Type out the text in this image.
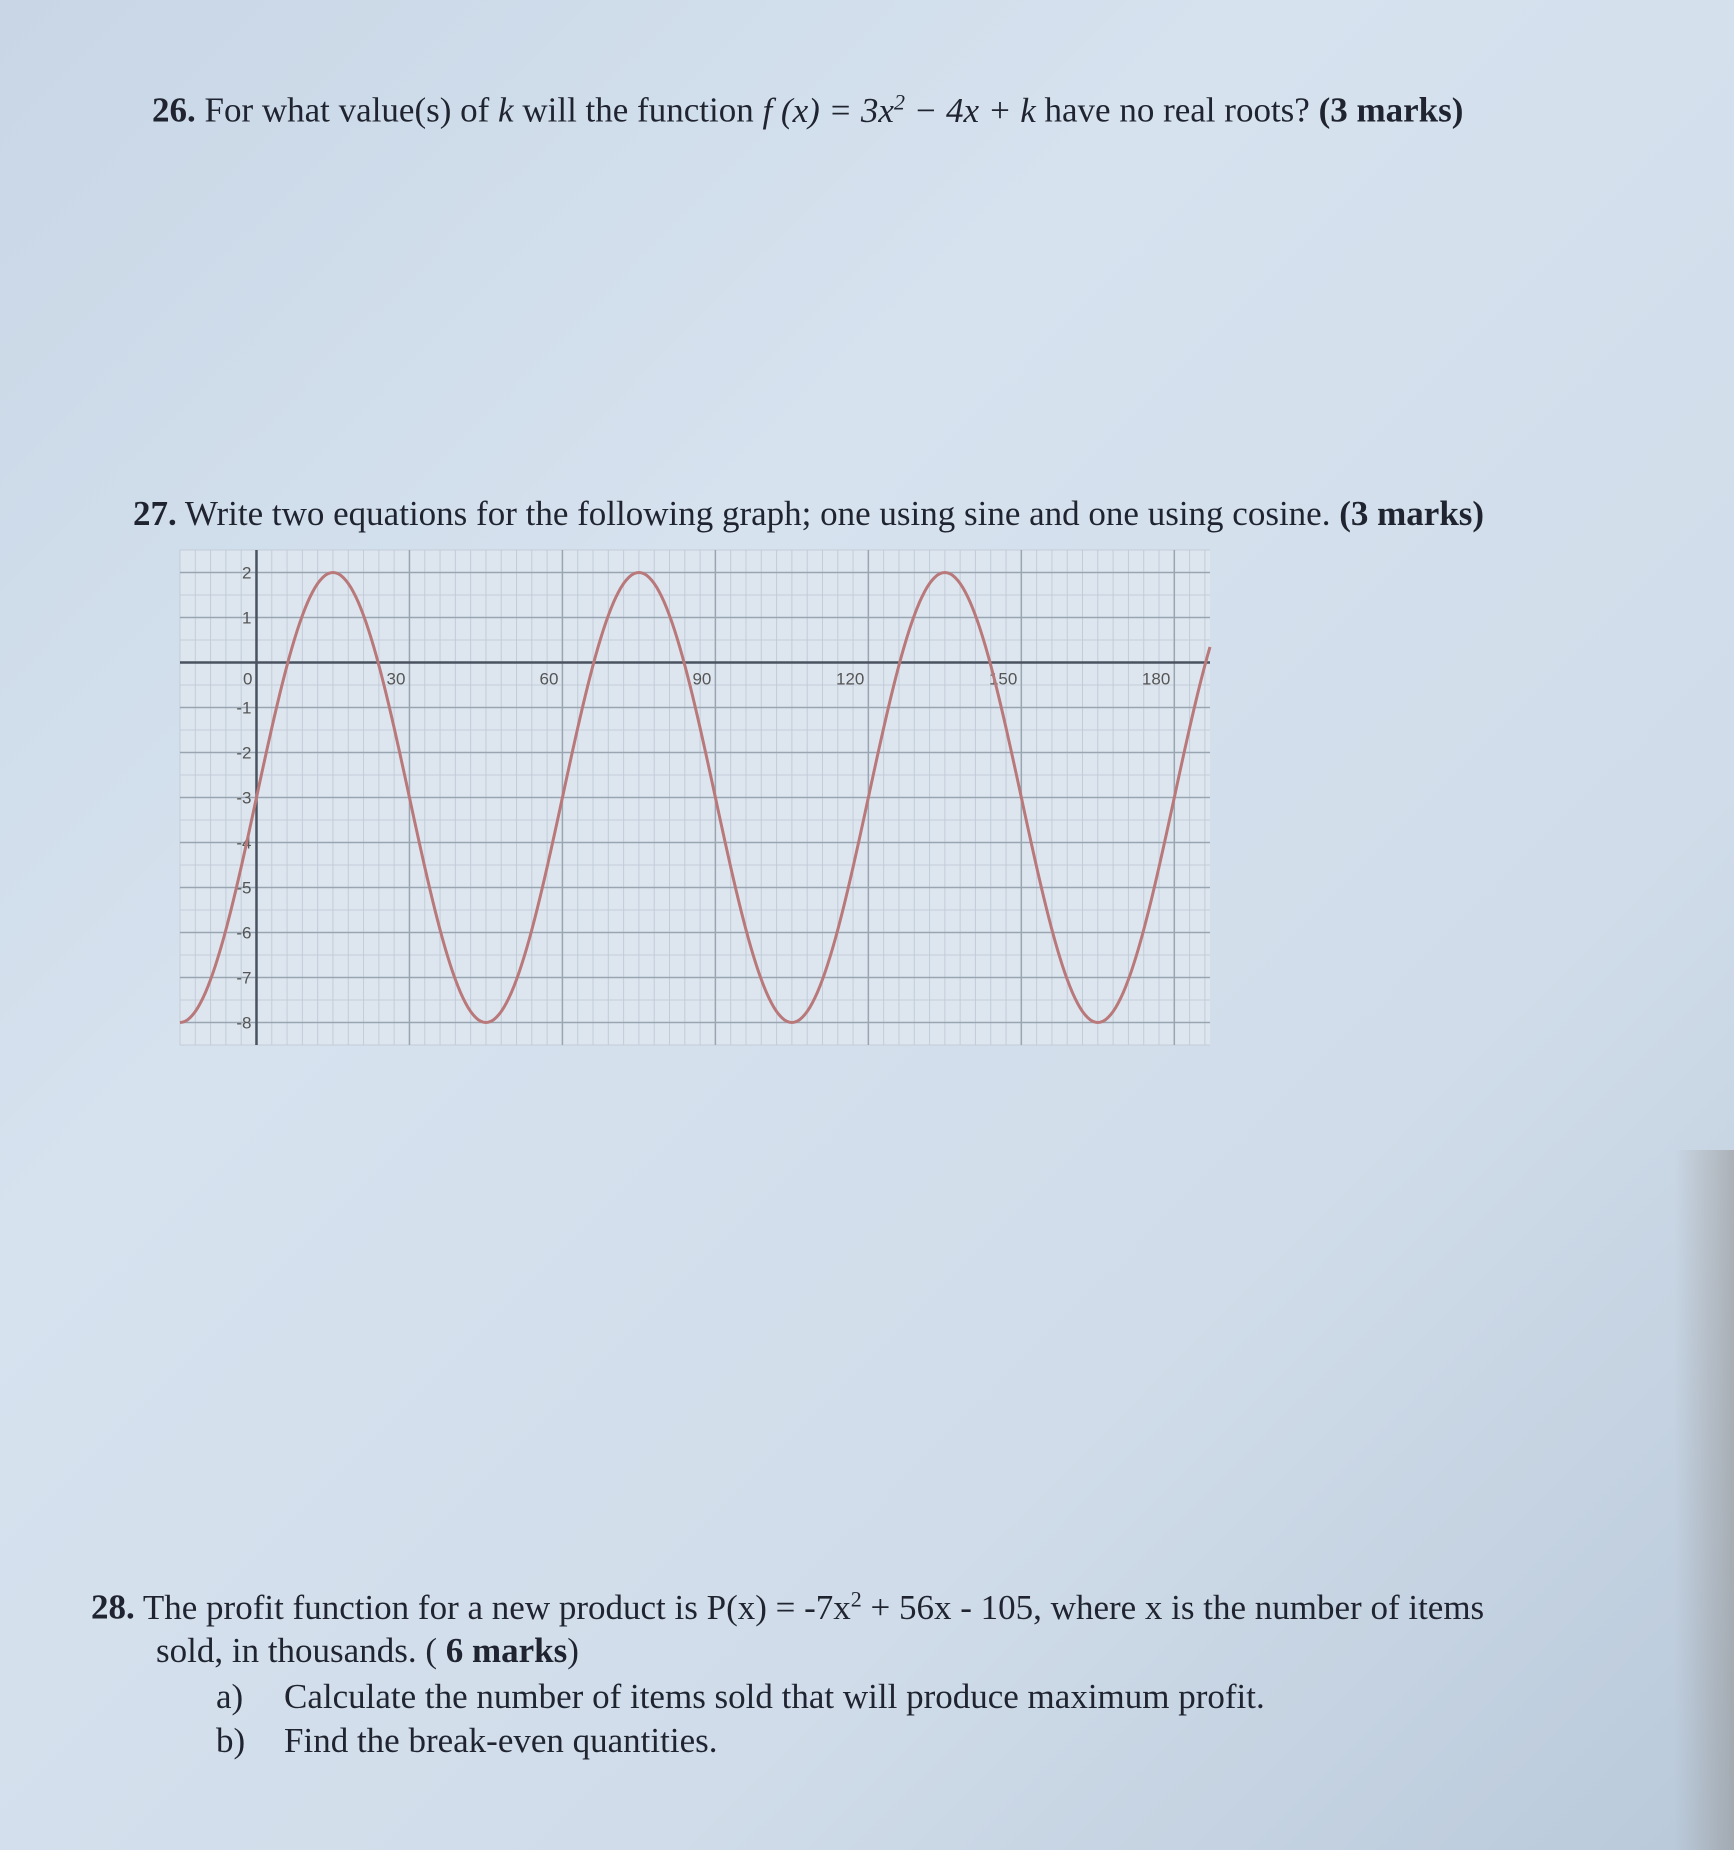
26. For what value(s) of k will the function f $(x) = 3x^2 - 4x + k$ have no real roots? (3 marks)
27. Write two equations for the following graph; one using sine and one using cosine. (3 marks)
0	30	60	90	120	150	180
2
1
-1
-2
-3
-4
-5
-6
-7
-8
28. The profit function for a new product is $P(x) = -7x^2 + 56x - 105$, where x is the number of items
sold, in thousands. ( 6 marks)
a)	Calculate the number of items sold that will produce maximum profit.
b)	Find the break-even quantities.
